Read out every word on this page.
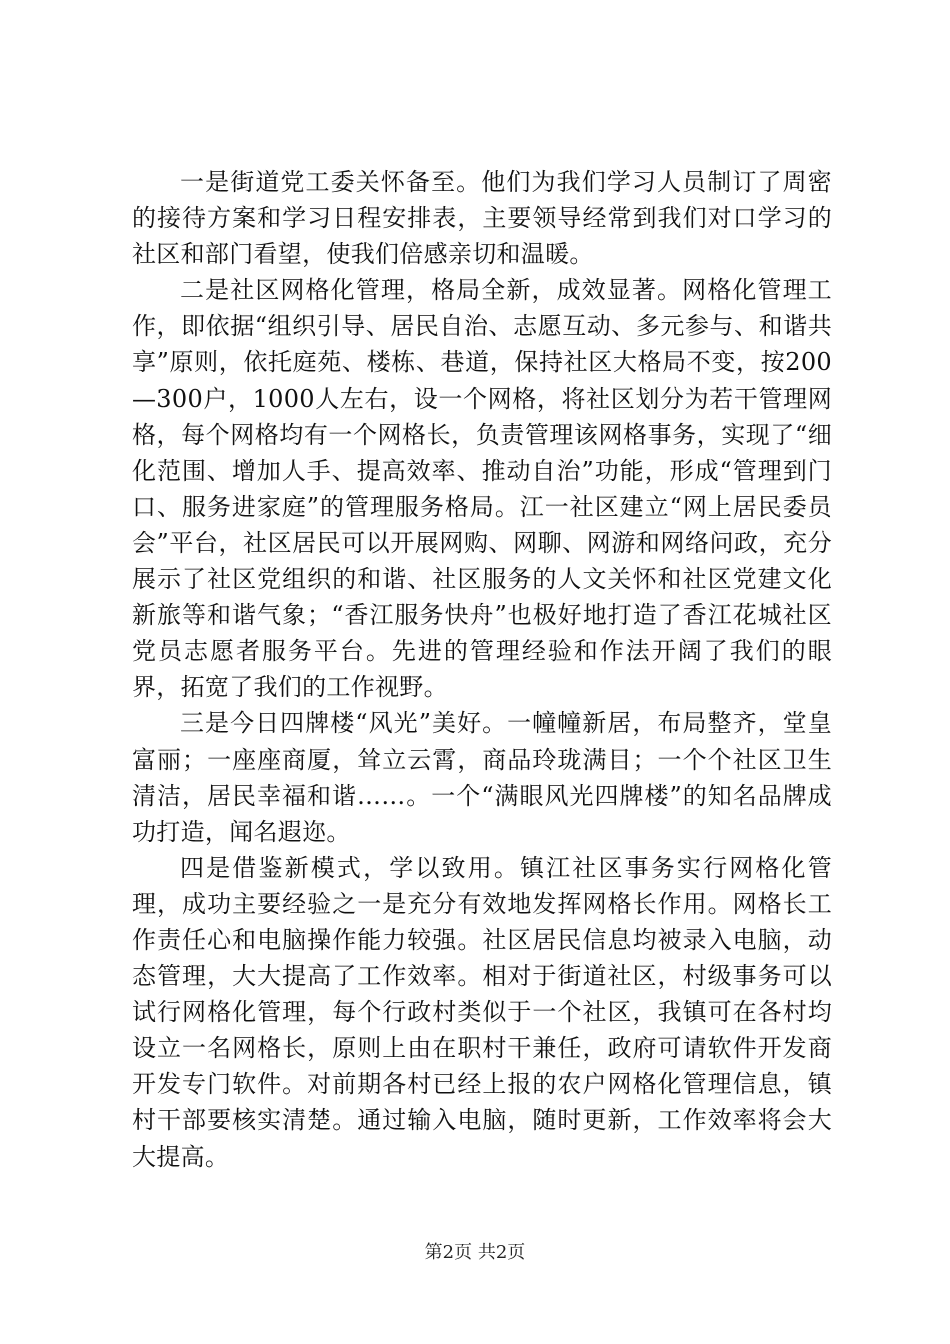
一是街道党工委关怀备至。他们为我们学习人员制订了周密的接待方案和学习日程安排表，主要领导经常到我们对口学习的社区和部门看望，使我们倍感亲切和温暖。

二是社区网格化管理，格局全新，成效显著。网格化管理工作，即依据“组织引导、居民自治、志愿互动、多元参与、和谐共享”原则，依托庭苑、楼栋、巷道，保持社区大格局不变，按200—300户，1000人左右，设一个网格，将社区划分为若干管理网格，每个网格均有一个网格长，负责管理该网格事务，实现了“细化范围、增加人手、提高效率、推动自治”功能，形成“管理到门口、服务进家庭”的管理服务格局。江一社区建立“网上居民委员会”平台，社区居民可以开展网购、网聊、网游和网络问政，充分展示了社区党组织的和谐、社区服务的人文关怀和社区党建文化新旅等和谐气象；“香江服务快舟”也极好地打造了香江花城社区党员志愿者服务平台。先进的管理经验和作法开阔了我们的眼界，拓宽了我们的工作视野。

三是今日四牌楼“风光”美好。一幢幢新居，布局整齐，堂皇富丽；一座座商厦，耸立云霄，商品玲珑满目；一个个社区卫生清洁，居民幸福和谐……。一个“满眼风光四牌楼”的知名品牌成功打造，闻名遐迩。

四是借鉴新模式，学以致用。镇江社区事务实行网格化管理，成功主要经验之一是充分有效地发挥网格长作用。网格长工作责任心和电脑操作能力较强。社区居民信息均被录入电脑，动态管理，大大提高了工作效率。相对于街道社区，村级事务可以试行网格化管理，每个行政村类似于一个社区，我镇可在各村均设立一名网格长，原则上由在职村干兼任，政府可请软件开发商开发专门软件。对前期各村已经上报的农户网格化管理信息，镇村干部要核实清楚。通过输入电脑，随时更新，工作效率将会大大提高。

第2页 共2页
